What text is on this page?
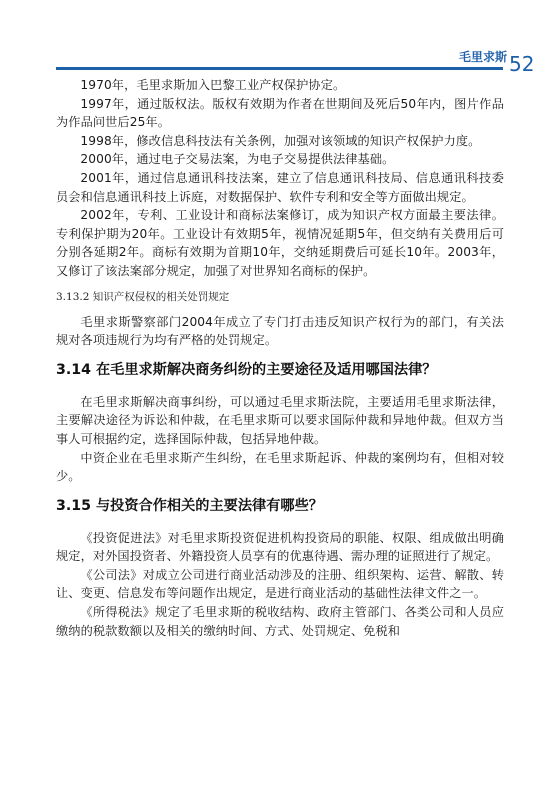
毛里求斯 52

1970年，毛里求斯加入巴黎工业产权保护协定。

1997年，通过版权法。版权有效期为作者在世期间及死后50年内，图片作品为作品问世后25年。

1998年，修改信息科技法有关条例，加强对该领域的知识产权保护力度。

2000年，通过电子交易法案，为电子交易提供法律基础。

2001年，通过信息通讯科技法案，建立了信息通讯科技局、信息通讯科技委员会和信息通讯科技上诉庭，对数据保护、软件专利和安全等方面做出规定。

2002年，专利、工业设计和商标法案修订，成为知识产权方面最主要法律。专利保护期为20年。工业设计有效期5年，视情况延期5年，但交纳有关费用后可分别各延期2年。商标有效期为首期10年，交纳延期费后可延长10年。2003年，又修订了该法案部分规定，加强了对世界知名商标的保护。

3.13.2 知识产权侵权的相关处罚规定

毛里求斯警察部门2004年成立了专门打击违反知识产权行为的部门，有关法规对各项违规行为均有严格的处罚规定。

3.14 在毛里求斯解决商务纠纷的主要途径及适用哪国法律？

在毛里求斯解决商事纠纷，可以通过毛里求斯法院，主要适用毛里求斯法律，主要解决途径为诉讼和仲裁，在毛里求斯可以要求国际仲裁和异地仲裁。但双方当事人可根据约定，选择国际仲裁，包括异地仲裁。

中资企业在毛里求斯产生纠纷，在毛里求斯起诉、仲裁的案例均有，但相对较少。

3.15 与投资合作相关的主要法律有哪些？

《投资促进法》对毛里求斯投资促进机构投资局的职能、权限、组成做出明确规定，对外国投资者、外籍投资人员享有的优惠待遇、需办理的证照进行了规定。

《公司法》对成立公司进行商业活动涉及的注册、组织架构、运营、解散、转让、变更、信息发布等问题作出规定，是进行商业活动的基础性法律文件之一。

《所得税法》规定了毛里求斯的税收结构、政府主管部门、各类公司和人员应缴纳的税款数额以及相关的缴纳时间、方式、处罚规定、免税和
